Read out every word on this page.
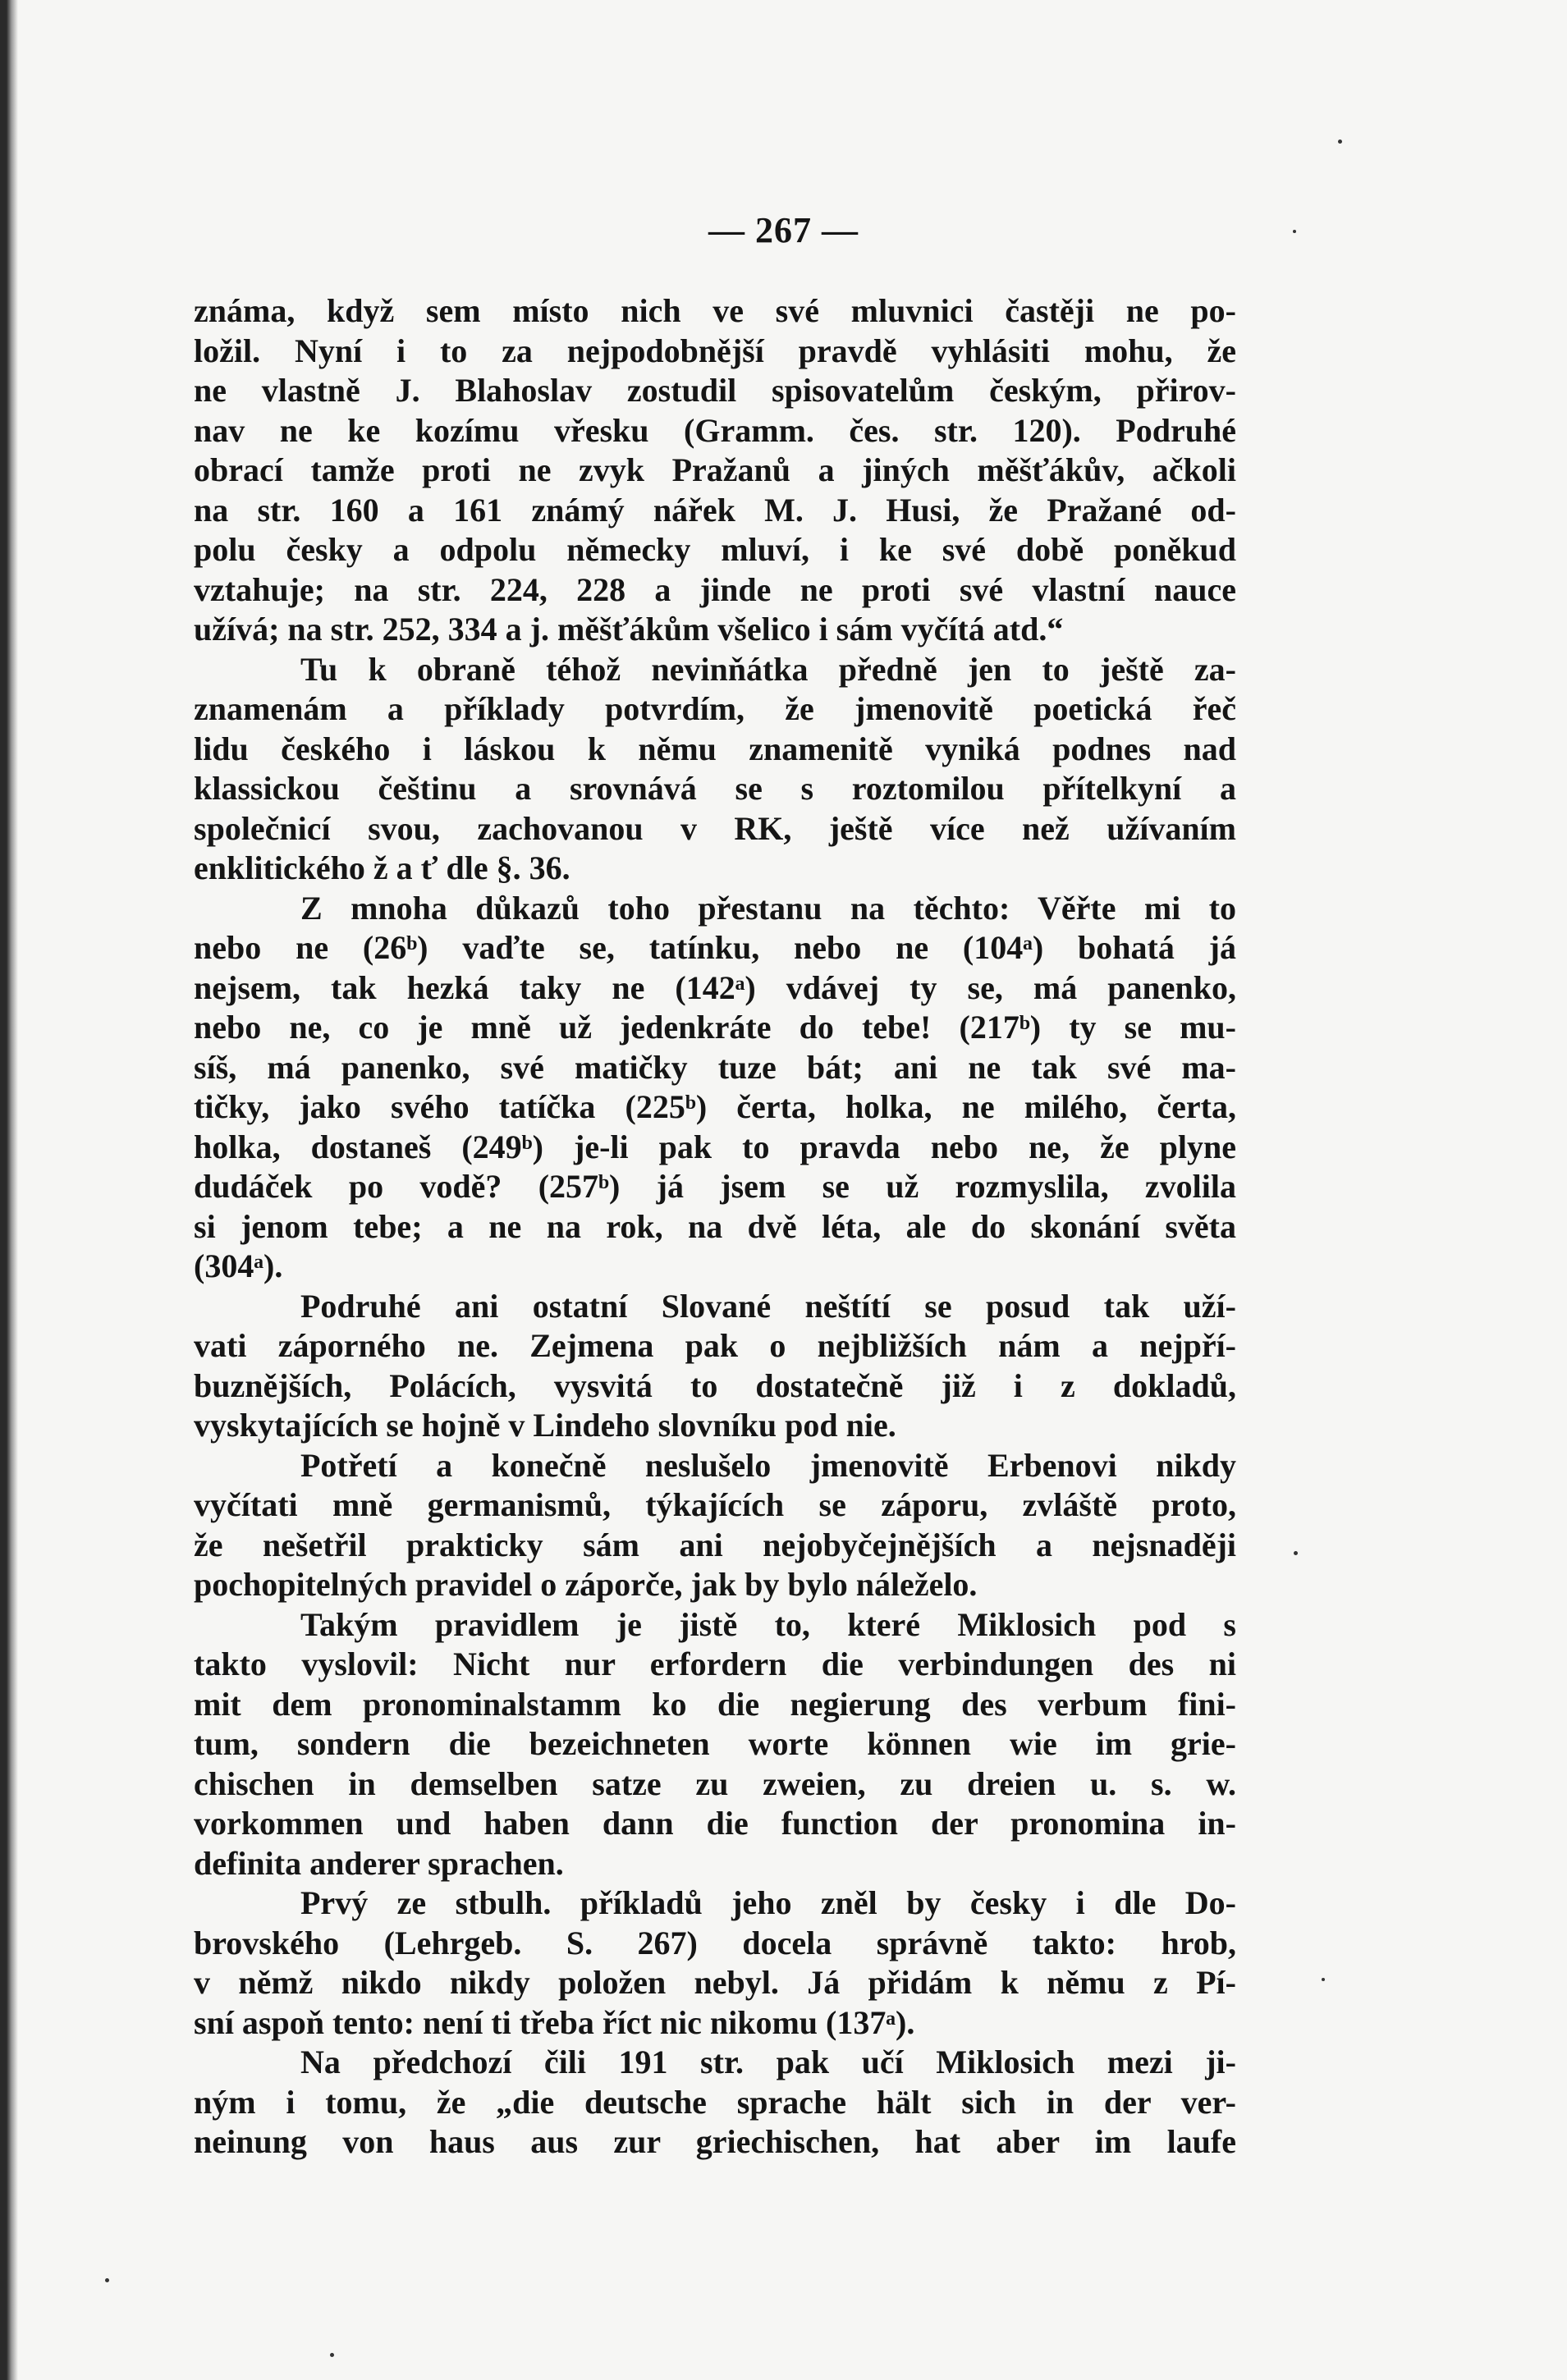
— 267 —
známa, když sem místo nich ve své mluvnici častěji ne po-
ložil. Nyní i to za nejpodobnější pravdě vyhlásiti mohu, že
ne vlastně J. Blahoslav zostudil spisovatelům českým, přirov-
nav ne ke kozímu vřesku (Gramm. čes. str. 120). Podruhé
obrací tamže proti ne zvyk Pražanů a jiných měšťákův, ačkoli
na str. 160 a 161 známý nářek M. J. Husi, že Pražané od-
polu česky a odpolu německy mluví, i ke své době poněkud
vztahuje; na str. 224, 228 a jinde ne proti své vlastní nauce
užívá; na str. 252, 334 a j. měšťákům všelico i sám vyčítá atd.“
Tu k obraně téhož nevinňátka předně jen to ještě za-
znamenám a příklady potvrdím, že jmenovitě poetická řeč
lidu českého i láskou k němu znamenitě vyniká podnes nad
klassickou češtinu a srovnává se s roztomilou přítelkyní a
společnicí svou, zachovanou v RK, ještě více než užívaním
enklitického ž a ť dle §. 36.
Z mnoha důkazů toho přestanu na těchto: Věřte mi to
nebo ne (26ᵇ) vaďte se, tatínku, nebo ne (104ᵃ) bohatá já
nejsem, tak hezká taky ne (142ᵃ) vdávej ty se, má panenko,
nebo ne, co je mně už jedenkráte do tebe! (217ᵇ) ty se mu-
síš, má panenko, své matičky tuze bát; ani ne tak své ma-
tičky, jako svého tatíčka (225ᵇ) čerta, holka, ne milého, čerta,
holka, dostaneš (249ᵇ) je-li pak to pravda nebo ne, že plyne
dudáček po vodě? (257ᵇ) já jsem se už rozmyslila, zvolila
si jenom tebe; a ne na rok, na dvě léta, ale do skonání světa
(304ᵃ).
Podruhé ani ostatní Slované neštítí se posud tak uží-
vati záporného ne. Zejmena pak o nejbližších nám a nejpří-
buznějších, Polácích, vysvitá to dostatečně již i z dokladů,
vyskytajících se hojně v Lindeho slovníku pod nie.
Potřetí a konečně neslušelo jmenovitě Erbenovi nikdy
vyčítati mně germanismů, týkajících se záporu, zvláště proto,
že nešetřil prakticky sám ani nejobyčejnějších a nejsnaději
pochopitelných pravidel o záporče, jak by bylo náleželo.
Takým pravidlem je jistě to, které Miklosich pod s
takto vyslovil: Nicht nur erfordern die verbindungen des ni
mit dem pronominalstamm ko die negierung des verbum fini-
tum, sondern die bezeichneten worte können wie im grie-
chischen in demselben satze zu zweien, zu dreien u. s. w.
vorkommen und haben dann die function der pronomina in-
definita anderer sprachen.
Prvý ze stbulh. příkladů jeho zněl by česky i dle Do-
brovského (Lehrgeb. S. 267) docela správně takto: hrob,
v němž nikdo nikdy položen nebyl. Já přidám k němu z Pí-
sní aspoň tento: není ti třeba říct nic nikomu (137ᵃ).
Na předchozí čili 191 str. pak učí Miklosich mezi ji-
ným i tomu, že „die deutsche sprache hält sich in der ver-
neinung von haus aus zur griechischen, hat aber im laufe
